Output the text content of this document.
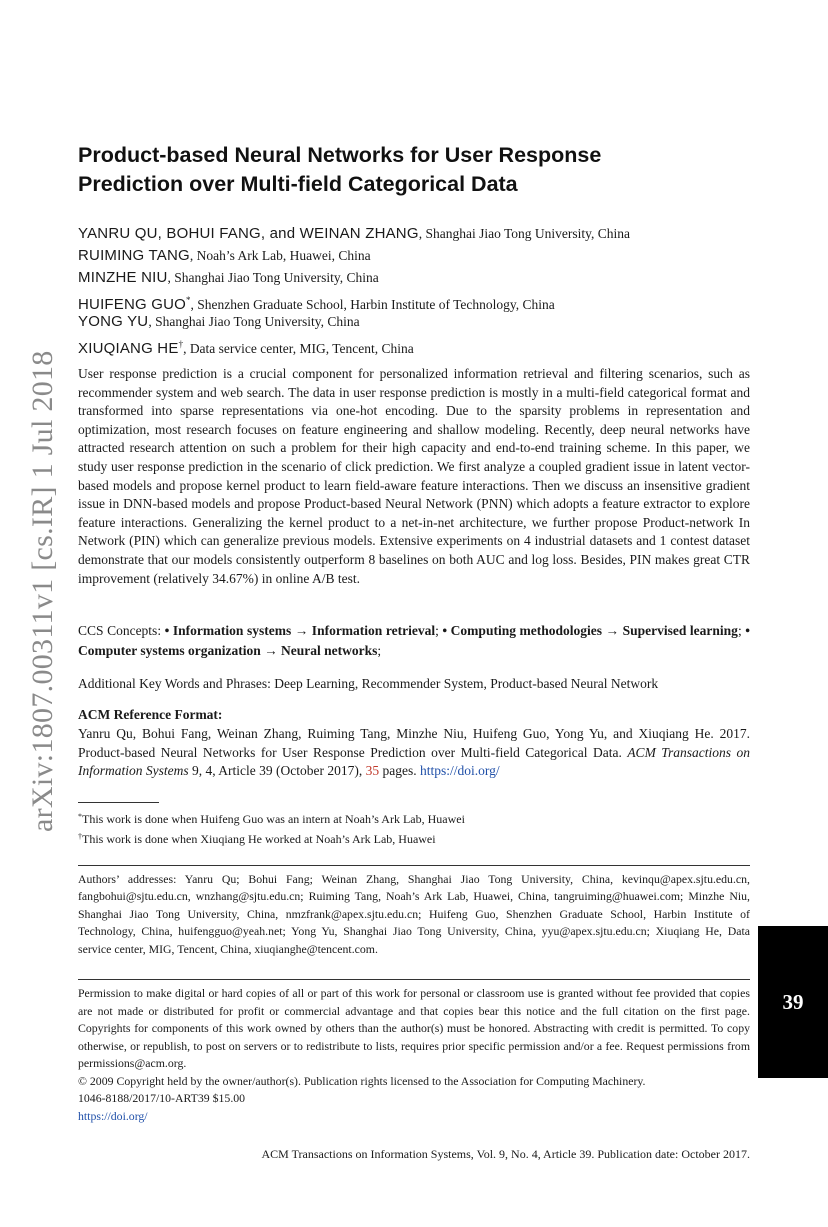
arXiv:1807.00311v1 [cs.IR] 1 Jul 2018
Product-based Neural Networks for User Response
Prediction over Multi-field Categorical Data
YANRU QU, BOHUI FANG, and WEINAN ZHANG, Shanghai Jiao Tong University, China
RUIMING TANG, Noah’s Ark Lab, Huawei, China
MINZHE NIU, Shanghai Jiao Tong University, China
HUIFENG GUO*, Shenzhen Graduate School, Harbin Institute of Technology, China
YONG YU, Shanghai Jiao Tong University, China
XIUQIANG HE†, Data service center, MIG, Tencent, China
User response prediction is a crucial component for personalized information retrieval and filtering scenarios, such as recommender system and web search. The data in user response prediction is mostly in a multi-field categorical format and transformed into sparse representations via one-hot encoding. Due to the sparsity problems in representation and optimization, most research focuses on feature engineering and shallow modeling. Recently, deep neural networks have attracted research attention on such a problem for their high capacity and end-to-end training scheme. In this paper, we study user response prediction in the scenario of click prediction. We first analyze a coupled gradient issue in latent vector-based models and propose kernel product to learn field-aware feature interactions. Then we discuss an insensitive gradient issue in DNN-based models and propose Product-based Neural Network (PNN) which adopts a feature extractor to explore feature interactions. Generalizing the kernel product to a net-in-net architecture, we further propose Product-network In Network (PIN) which can generalize previous models. Extensive experiments on 4 industrial datasets and 1 contest dataset demonstrate that our models consistently outperform 8 baselines on both AUC and log loss. Besides, PIN makes great CTR improvement (relatively 34.67%) in online A/B test.
CCS Concepts: • Information systems → Information retrieval; • Computing methodologies → Supervised learning; • Computer systems organization → Neural networks;
Additional Key Words and Phrases: Deep Learning, Recommender System, Product-based Neural Network
ACM Reference Format:
Yanru Qu, Bohui Fang, Weinan Zhang, Ruiming Tang, Minzhe Niu, Huifeng Guo, Yong Yu, and Xiuqiang He. 2017. Product-based Neural Networks for User Response Prediction over Multi-field Categorical Data. ACM Transactions on Information Systems 9, 4, Article 39 (October 2017), 35 pages. https://doi.org/
*This work is done when Huifeng Guo was an intern at Noah’s Ark Lab, Huawei
†This work is done when Xiuqiang He worked at Noah’s Ark Lab, Huawei
Authors’ addresses: Yanru Qu; Bohui Fang; Weinan Zhang, Shanghai Jiao Tong University, China, kevinqu@apex.sjtu.edu.cn, fangbohui@sjtu.edu.cn, wnzhang@sjtu.edu.cn; Ruiming Tang, Noah’s Ark Lab, Huawei, China, tangruiming@huawei.com; Minzhe Niu, Shanghai Jiao Tong University, China, nmzfrank@apex.sjtu.edu.cn; Huifeng Guo, Shenzhen Graduate School, Harbin Institute of Technology, China, huifengguo@yeah.net; Yong Yu, Shanghai Jiao Tong University, China, yyu@apex.sjtu.edu.cn; Xiuqiang He, Data service center, MIG, Tencent, China, xiuqianghe@tencent.com.
Permission to make digital or hard copies of all or part of this work for personal or classroom use is granted without fee provided that copies are not made or distributed for profit or commercial advantage and that copies bear this notice and the full citation on the first page. Copyrights for components of this work owned by others than the author(s) must be honored. Abstracting with credit is permitted. To copy otherwise, or republish, to post on servers or to redistribute to lists, requires prior specific permission and/or a fee. Request permissions from permissions@acm.org.
© 2009 Copyright held by the owner/author(s). Publication rights licensed to the Association for Computing Machinery.
1046-8188/2017/10-ART39 $15.00
https://doi.org/
39
ACM Transactions on Information Systems, Vol. 9, No. 4, Article 39. Publication date: October 2017.
